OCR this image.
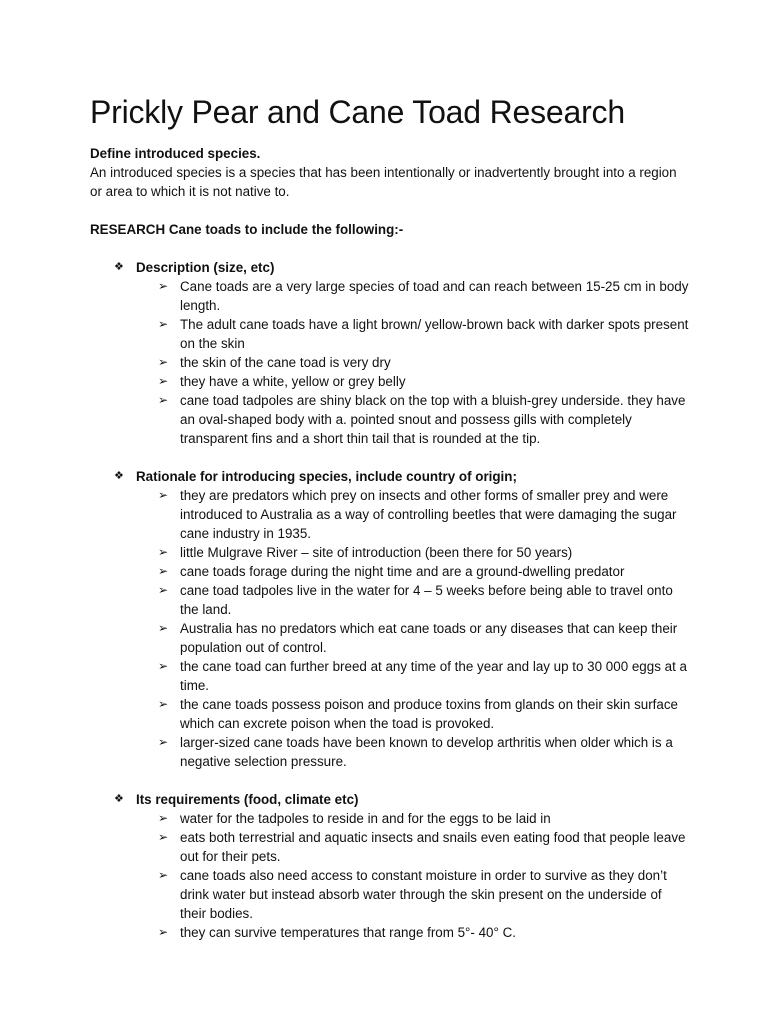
Prickly Pear and Cane Toad Research

Define introduced species.

An introduced species is a species that has been intentionally or inadvertently brought into a region or area to which it is not native to.

RESEARCH Cane toads to include the following:-

❖ Description (size, etc)
➢ Cane toads are a very large species of toad and can reach between 15-25 cm in body length.
➢ The adult cane toads have a light brown/ yellow-brown back with darker spots present on the skin
➢ the skin of the cane toad is very dry
➢ they have a white, yellow or grey belly
➢ cane toad tadpoles are shiny black on the top with a bluish-grey underside. they have an oval-shaped body with a. pointed snout and possess gills with completely transparent fins and a short thin tail that is rounded at the tip.
❖ Rationale for introducing species, include country of origin;
➢ they are predators which prey on insects and other forms of smaller prey and were introduced to Australia as a way of controlling beetles that were damaging the sugar cane industry in 1935.
➢ little Mulgrave River – site of introduction (been there for 50 years)
➢ cane toads forage during the night time and are a ground-dwelling predator
➢ cane toad tadpoles live in the water for 4 – 5 weeks before being able to travel onto the land.
➢ Australia has no predators which eat cane toads or any diseases that can keep their population out of control.
➢ the cane toad can further breed at any time of the year and lay up to 30 000 eggs at a time.
➢ the cane toads possess poison and produce toxins from glands on their skin surface which can excrete poison when the toad is provoked.
➢ larger-sized cane toads have been known to develop arthritis when older which is a negative selection pressure.
❖ Its requirements (food, climate etc)
➢ water for the tadpoles to reside in and for the eggs to be laid in
➢ eats both terrestrial and aquatic insects and snails even eating food that people leave out for their pets.
➢ cane toads also need access to constant moisture in order to survive as they don’t drink water but instead absorb water through the skin present on the underside of their bodies.
➢ they can survive temperatures that range from 5°- 40° C.
